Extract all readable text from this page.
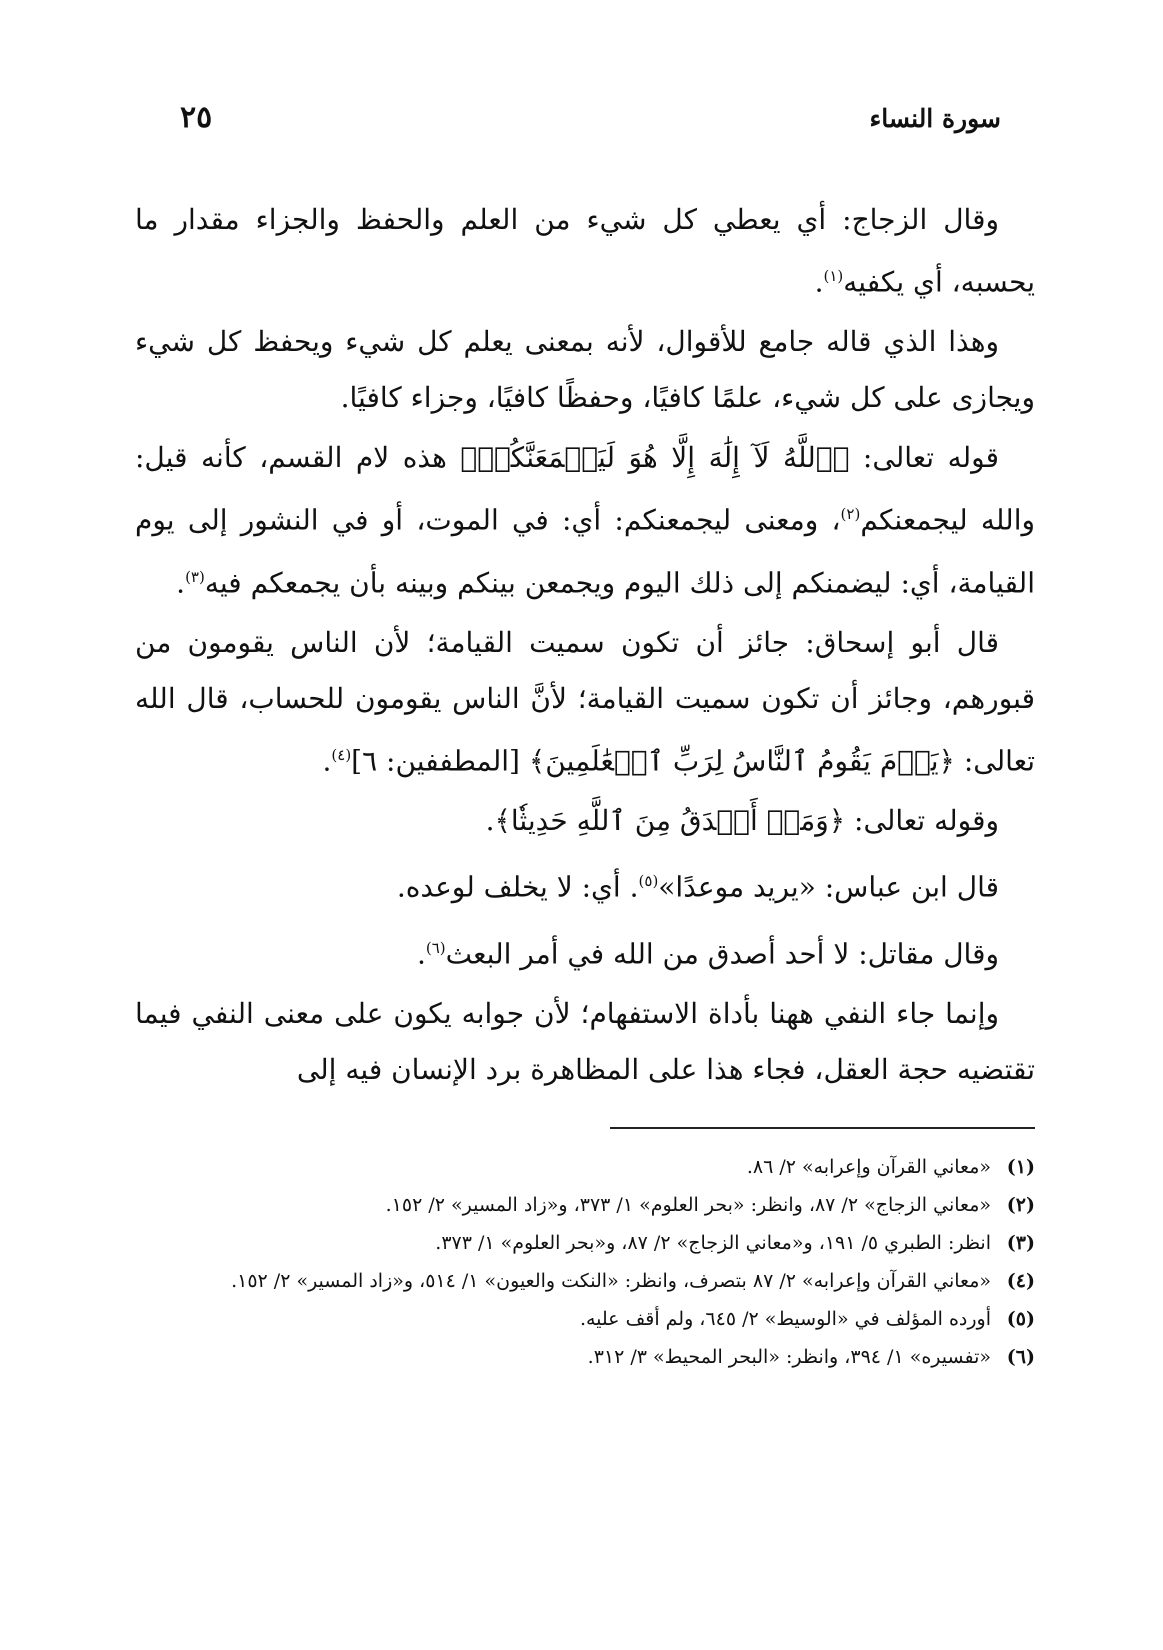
سورة النساء
٢٥

وقال الزجاج: أي يعطي كل شيء من العلم والحفظ والجزاء مقدار ما يحسبه، أي يكفيه$^{(١)}$.

وهذا الذي قاله جامع للأقوال، لأنه بمعنى يعلم كل شيء ويحفظ كل شيء ويجازى على كل شيء، علمًا كافيًا، وحفظًا كافيًا، وجزاء كافيًا.

قوله تعالى: ﴿ٱللَّهُ لَآ إِلَٰهَ إِلَّا هُوَ لَيَجۡمَعَنَّكُمۡ﴾ هذه لام القسم، كأنه قيل: والله ليجمعنكم$^{(٢)}$، ومعنى ليجمعنكم: أي: في الموت، أو في النشور إلى يوم القيامة، أي: ليضمنكم إلى ذلك اليوم ويجمعن بينكم وبينه بأن يجمعكم فيه$^{(٣)}$.

قال أبو إسحاق: جائز أن تكون سميت القيامة؛ لأن الناس يقومون من قبورهم، وجائز أن تكون سميت القيامة؛ لأنَّ الناس يقومون للحساب، قال الله تعالى: ﴿يَوۡمَ يَقُومُ ٱلنَّاسُ لِرَبِّ ٱلۡعَٰلَمِينَ﴾ [المطففين: ٦]$^{(٤)}$.

وقوله تعالى: ﴿وَمَنۡ أَصۡدَقُ مِنَ ٱللَّهِ حَدِيثٗا﴾.

قال ابن عباس: «يريد موعدًا»$^{(٥)}$. أي: لا يخلف لوعده.

وقال مقاتل: لا أحد أصدق من الله في أمر البعث$^{(٦)}$.

وإنما جاء النفي ههنا بأداة الاستفهام؛ لأن جوابه يكون على معنى النفي فيما تقتضيه حجة العقل، فجاء هذا على المظاهرة برد الإنسان فيه إلى

(١)
«معاني القرآن وإعرابه» ٢/ ٨٦.
(٢)
«معاني الزجاج» ٢/ ٨٧، وانظر: «بحر العلوم» ١/ ٣٧٣، و«زاد المسير» ٢/ ١٥٢.
(٣)
انظر: الطبري ٥/ ١٩١، و«معاني الزجاج» ٢/ ٨٧، و«بحر العلوم» ١/ ٣٧٣.
(٤)
«معاني القرآن وإعرابه» ٢/ ٨٧ بتصرف، وانظر: «النكت والعيون» ١/ ٥١٤، و«زاد المسير» ٢/ ١٥٢.
(٥)
أورده المؤلف في «الوسيط» ٢/ ٦٤٥، ولم أقف عليه.
(٦)
«تفسيره» ١/ ٣٩٤، وانظر: «البحر المحيط» ٣/ ٣١٢.
